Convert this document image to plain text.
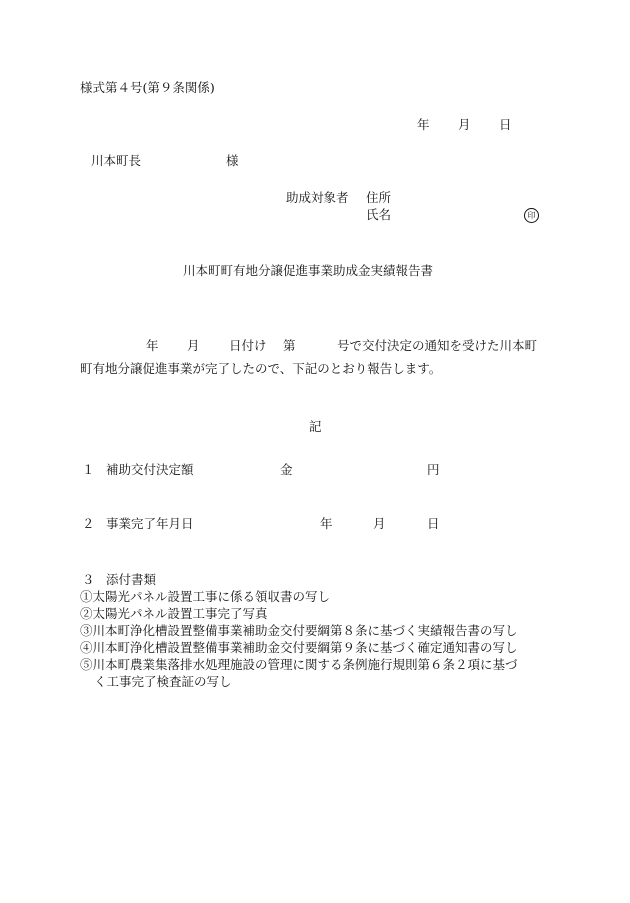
様式第４号(第９条関係)
年 月 日
川本町長	様
助成対象者 住所
氏名	印
川本町町有地分譲促進事業助成金実績報告書
年 月 日付け 第	号で交付決定の通知を受けた川本町
町有地分譲促進事業が完了したので、下記のとおり報告します。
記
１ 補助交付決定額	金	円
２ 事業完了年月日	年	月	日
３ 添付書類
①太陽光パネル設置工事に係る領収書の写し
②太陽光パネル設置工事完了写真
③川本町浄化槽設置整備事業補助金交付要綱第８条に基づく実績報告書の写し
④川本町浄化槽設置整備事業補助金交付要綱第９条に基づく確定通知書の写し
⑤川本町農業集落排水処理施設の管理に関する条例施行規則第６条２項に基づ
く工事完了検査証の写し
